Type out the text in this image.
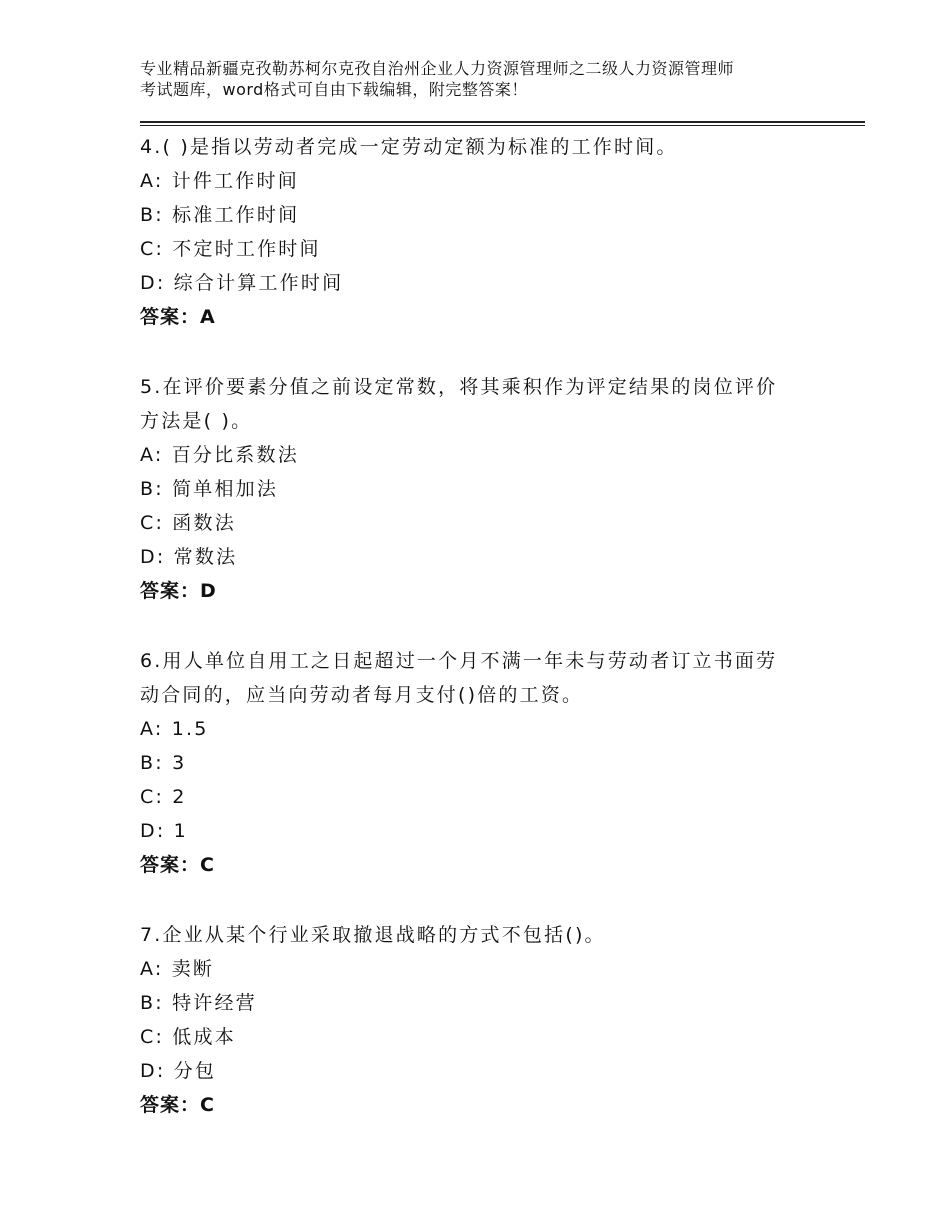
专业精品新疆克孜勒苏柯尔克孜自治州企业人力资源管理师之二级人力资源管理师
考试题库，word格式可自由下载编辑，附完整答案！
4.( )是指以劳动者完成一定劳动定额为标准的工作时间。
A: 计件工作时间
B: 标准工作时间
C: 不定时工作时间
D: 综合计算工作时间
答案：A
5.在评价要素分值之前设定常数，将其乘积作为评定结果的岗位评价
方法是( )。
A: 百分比系数法
B: 简单相加法
C: 函数法
D: 常数法
答案：D
6.用人单位自用工之日起超过一个月不满一年未与劳动者订立书面劳
动合同的，应当向劳动者每月支付()倍的工资。
A: 1.5
B: 3
C: 2
D: 1
答案：C
7.企业从某个行业采取撤退战略的方式不包括()。
A: 卖断
B: 特许经营
C: 低成本
D: 分包
答案：C
